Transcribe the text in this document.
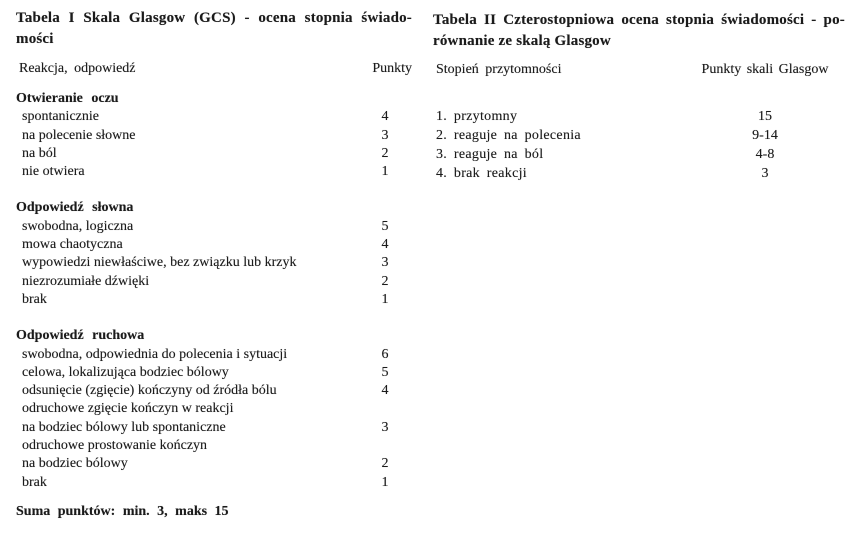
Tabela I Skala Glasgow (GCS) - ocena stopnia świado-
mości
Reakcja, odpowiedź	Punkty
Otwieranie oczu
spontanicznie	4
na polecenie słowne	3
na ból	2
nie otwiera	1
Odpowiedź słowna
swobodna, logiczna	5
mowa chaotyczna	4
wypowiedzi niewłaściwe, bez związku lub krzyk	3
niezrozumiałe dźwięki	2
brak	1
Odpowiedź ruchowa
swobodna, odpowiednia do polecenia i sytuacji	6
celowa, lokalizująca bodziec bólowy	5
odsunięcie (zgięcie) kończyny od źródła bólu	4
odruchowe zgięcie kończyn w reakcji
na bodziec bólowy lub spontaniczne	3
odruchowe prostowanie kończyn
na bodziec bólowy	2
brak	1
Suma punktów: min. 3, maks 15
Tabela II Czterostopniowa ocena stopnia świadomości - po-
równanie ze skalą Glasgow
Stopień przytomności	Punkty skali Glasgow
1. przytomny	15
2. reaguje na polecenia	9-14
3. reaguje na ból	4-8
4. brak reakcji	3
